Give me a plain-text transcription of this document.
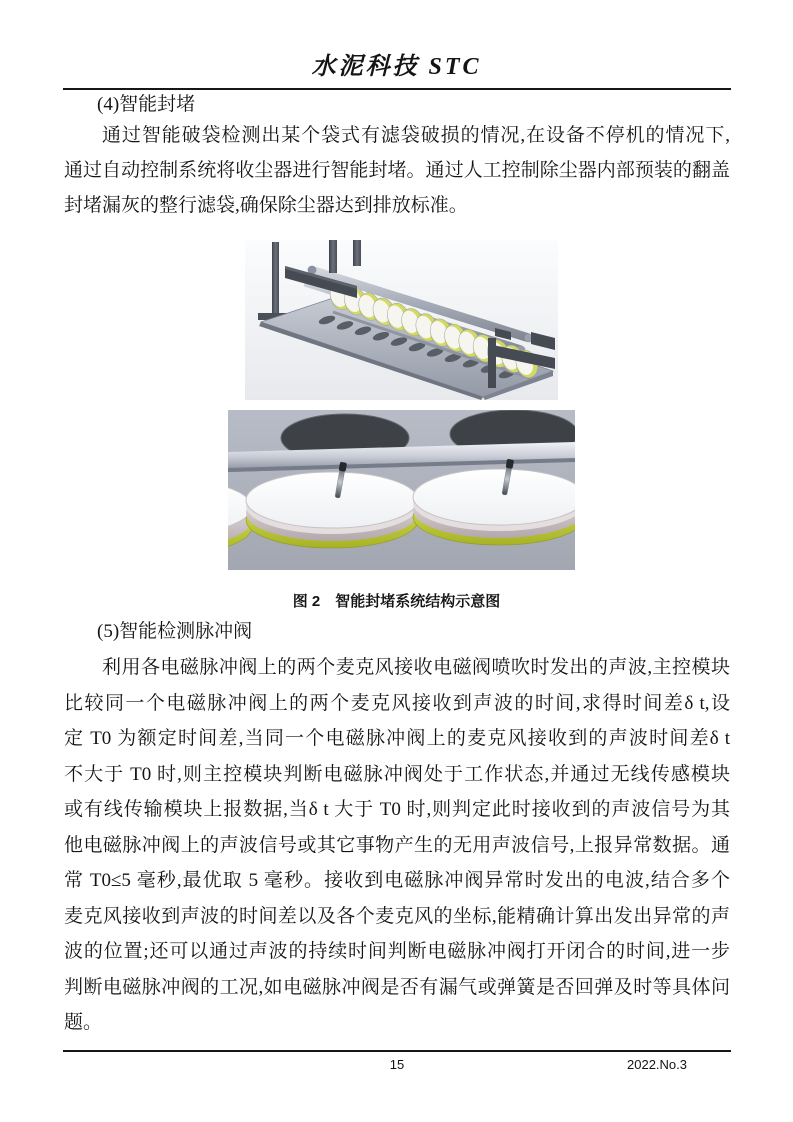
水泥科技 STC
(4)智能封堵
通过智能破袋检测出某个袋式有滤袋破损的情况,在设备不停机的情况下,
通过自动控制系统将收尘器进行智能封堵。通过人工控制除尘器内部预装的翻盖
封堵漏灰的整行滤袋,确保除尘器达到排放标准。
图 2　智能封堵系统结构示意图
(5)智能检测脉冲阀
利用各电磁脉冲阀上的两个麦克风接收电磁阀喷吹时发出的声波,主控模块
比较同一个电磁脉冲阀上的两个麦克风接收到声波的时间,求得时间差δ t,设
定 T0 为额定时间差,当同一个电磁脉冲阀上的麦克风接收到的声波时间差δ t
不大于 T0 时,则主控模块判断电磁脉冲阀处于工作状态,并通过无线传感模块
或有线传输模块上报数据,当δ t 大于 T0 时,则判定此时接收到的声波信号为其
他电磁脉冲阀上的声波信号或其它事物产生的无用声波信号,上报异常数据。通
常 T0≤5 毫秒,最优取 5 毫秒。接收到电磁脉冲阀异常时发出的电波,结合多个
麦克风接收到声波的时间差以及各个麦克风的坐标,能精确计算出发出异常的声
波的位置;还可以通过声波的持续时间判断电磁脉冲阀打开闭合的时间,进一步
判断电磁脉冲阀的工况,如电磁脉冲阀是否有漏气或弹簧是否回弹及时等具体问
题。
15	2022.No.3
